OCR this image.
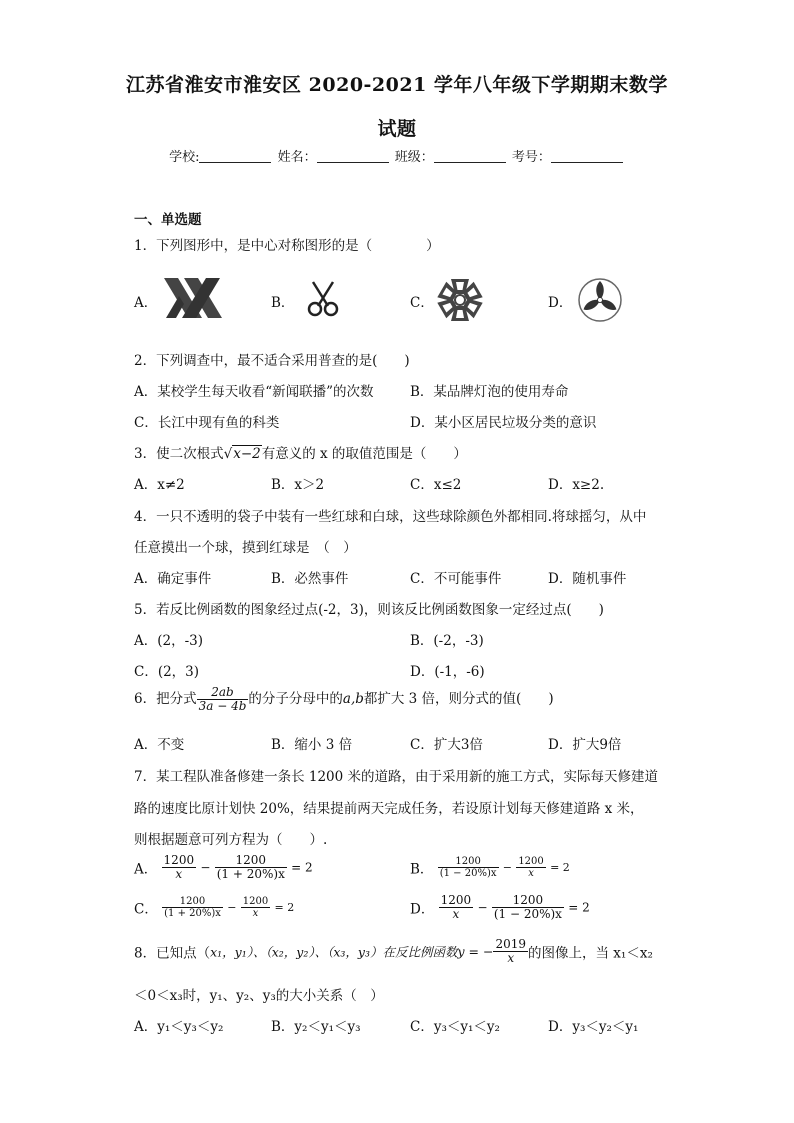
江苏省淮安市淮安区 2020-2021 学年八年级下学期期末数学
试题
学校:	姓名：	班级：	考号：
一、单选题
1．下列图形中，是中心对称图形的是（　　　　）
A．	B．	C．	D．
2．下列调查中，最不适合采用普查的是(　　)
A．某校学生每天收看“新闻联播”的次数	B．某品牌灯泡的使用寿命
C．长江中现有鱼的科类	D．某小区居民垃圾分类的意识
3．使二次根式√x−2有意义的 x 的取值范围是（　　）
A．x≠2	B．x＞2	C．x≤2	D．x≥2.
4．一只不透明的袋子中装有一些红球和白球，这些球除颜色外都相同.将球摇匀，从中
任意摸出一个球，摸到红球是　（　）
A．确定事件	B．必然事件	C．不可能事件	D．随机事件
5．若反比例函数的图象经过点(-2，3)，则该反比例函数图象一定经过点(　　)
A．(2，-3)	B．(-2，-3)
C．(2，3)	D．(-1，-6)
6．把分式 $\frac{2ab}{3a - 4b}$ 的分子分母中的a,b都扩大 3 倍，则分式的值(　　)
A．不变	B．缩小 3 倍	C．扩大3倍	D．扩大9倍
7．某工程队准备修建一条长 1200 米的道路，由于采用新的施工方式，实际每天修建道
路的速度比原计划快 20%，结果提前两天完成任务，若设原计划每天修建道路 x 米，
则根据题意可列方程为（　　）.
A． $\frac{1200}{x} - \frac{1200}{(1 + 20\%)x} = 2$	B． $\frac{1200}{(1 - 20\%)x} - \frac{1200}{x} = 2$
C． $\frac{1200}{(1 + 20\%)x} - \frac{1200}{x} = 2$	D． $\frac{1200}{x} - \frac{1200}{(1 - 20\%)x} = 2$
8．已知点（x₁，y₁）、（x₂，y₂）、（x₃，y₃）在反比例函数y = − $\frac{2019}{x}$ 的图像上，当 x₁＜x₂
＜0＜x₃时，y₁、y₂、y₃的大小关系（　）
A．y₁＜y₃＜y₂	B．y₂＜y₁＜y₃	C．y₃＜y₁＜y₂	D．y₃＜y₂＜y₁
